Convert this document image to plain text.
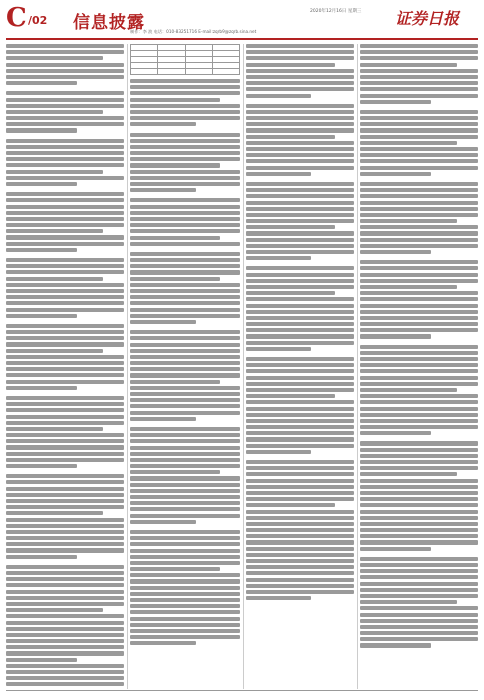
C /02 信息披露
2020年12月16日 星期三
制作：李 波 电话：010-83251716 E-mail:zqrb9@zqrb.sina.net
证券日报
